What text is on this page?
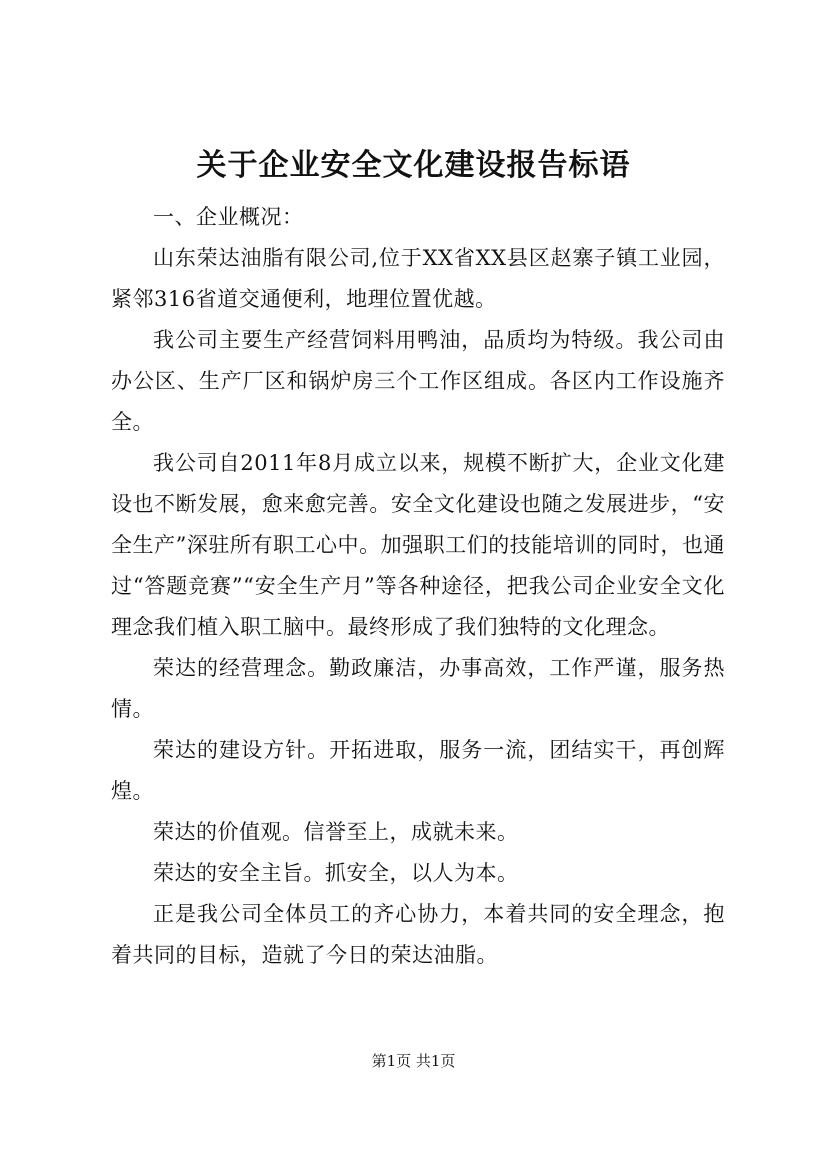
关于企业安全文化建设报告标语

一、企业概况：

山东荣达油脂有限公司,位于XX省XX县区赵寨子镇工业园，紧邻316省道交通便利，地理位置优越。

我公司主要生产经营饲料用鸭油，品质均为特级。我公司由办公区、生产厂区和锅炉房三个工作区组成。各区内工作设施齐全。

我公司自2011年8月成立以来，规模不断扩大，企业文化建设也不断发展，愈来愈完善。安全文化建设也随之发展进步，“安全生产”深驻所有职工心中。加强职工们的技能培训的同时，也通过“答题竞赛”“安全生产月”等各种途径，把我公司企业安全文化理念我们植入职工脑中。最终形成了我们独特的文化理念。

荣达的经营理念。勤政廉洁，办事高效，工作严谨，服务热情。

荣达的建设方针。开拓进取，服务一流，团结实干，再创辉煌。

荣达的价值观。信誉至上，成就未来。

荣达的安全主旨。抓安全，以人为本。

正是我公司全体员工的齐心协力，本着共同的安全理念，抱着共同的目标，造就了今日的荣达油脂。

第1页 共1页
